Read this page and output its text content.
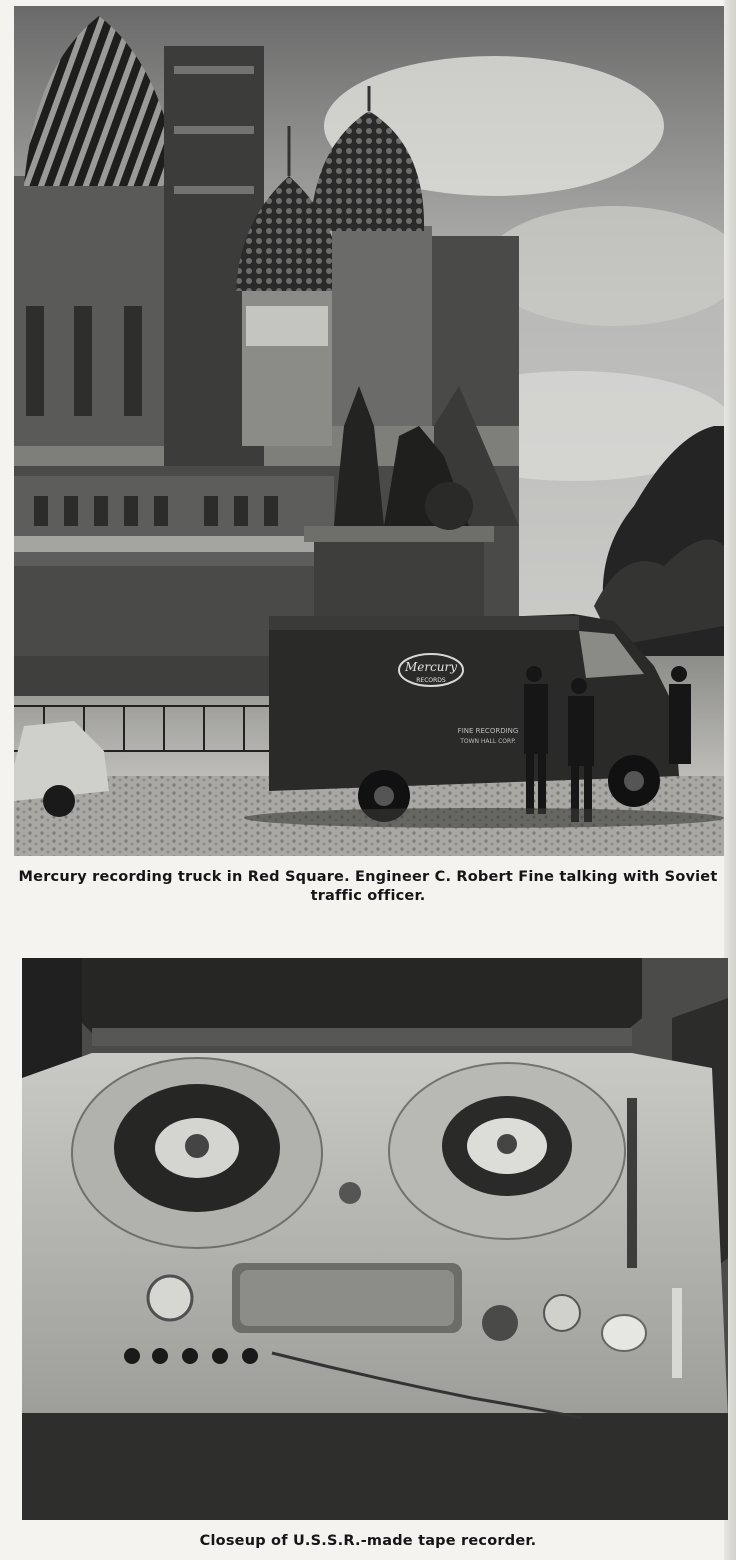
Mercury
RECORDS
FINE RECORDING
TOWN HALL CORP.
Mercury recording truck in Red Square. Engineer C. Robert Fine talking with Soviet traffic officer.
Closeup of U.S.S.R.-made tape recorder.
